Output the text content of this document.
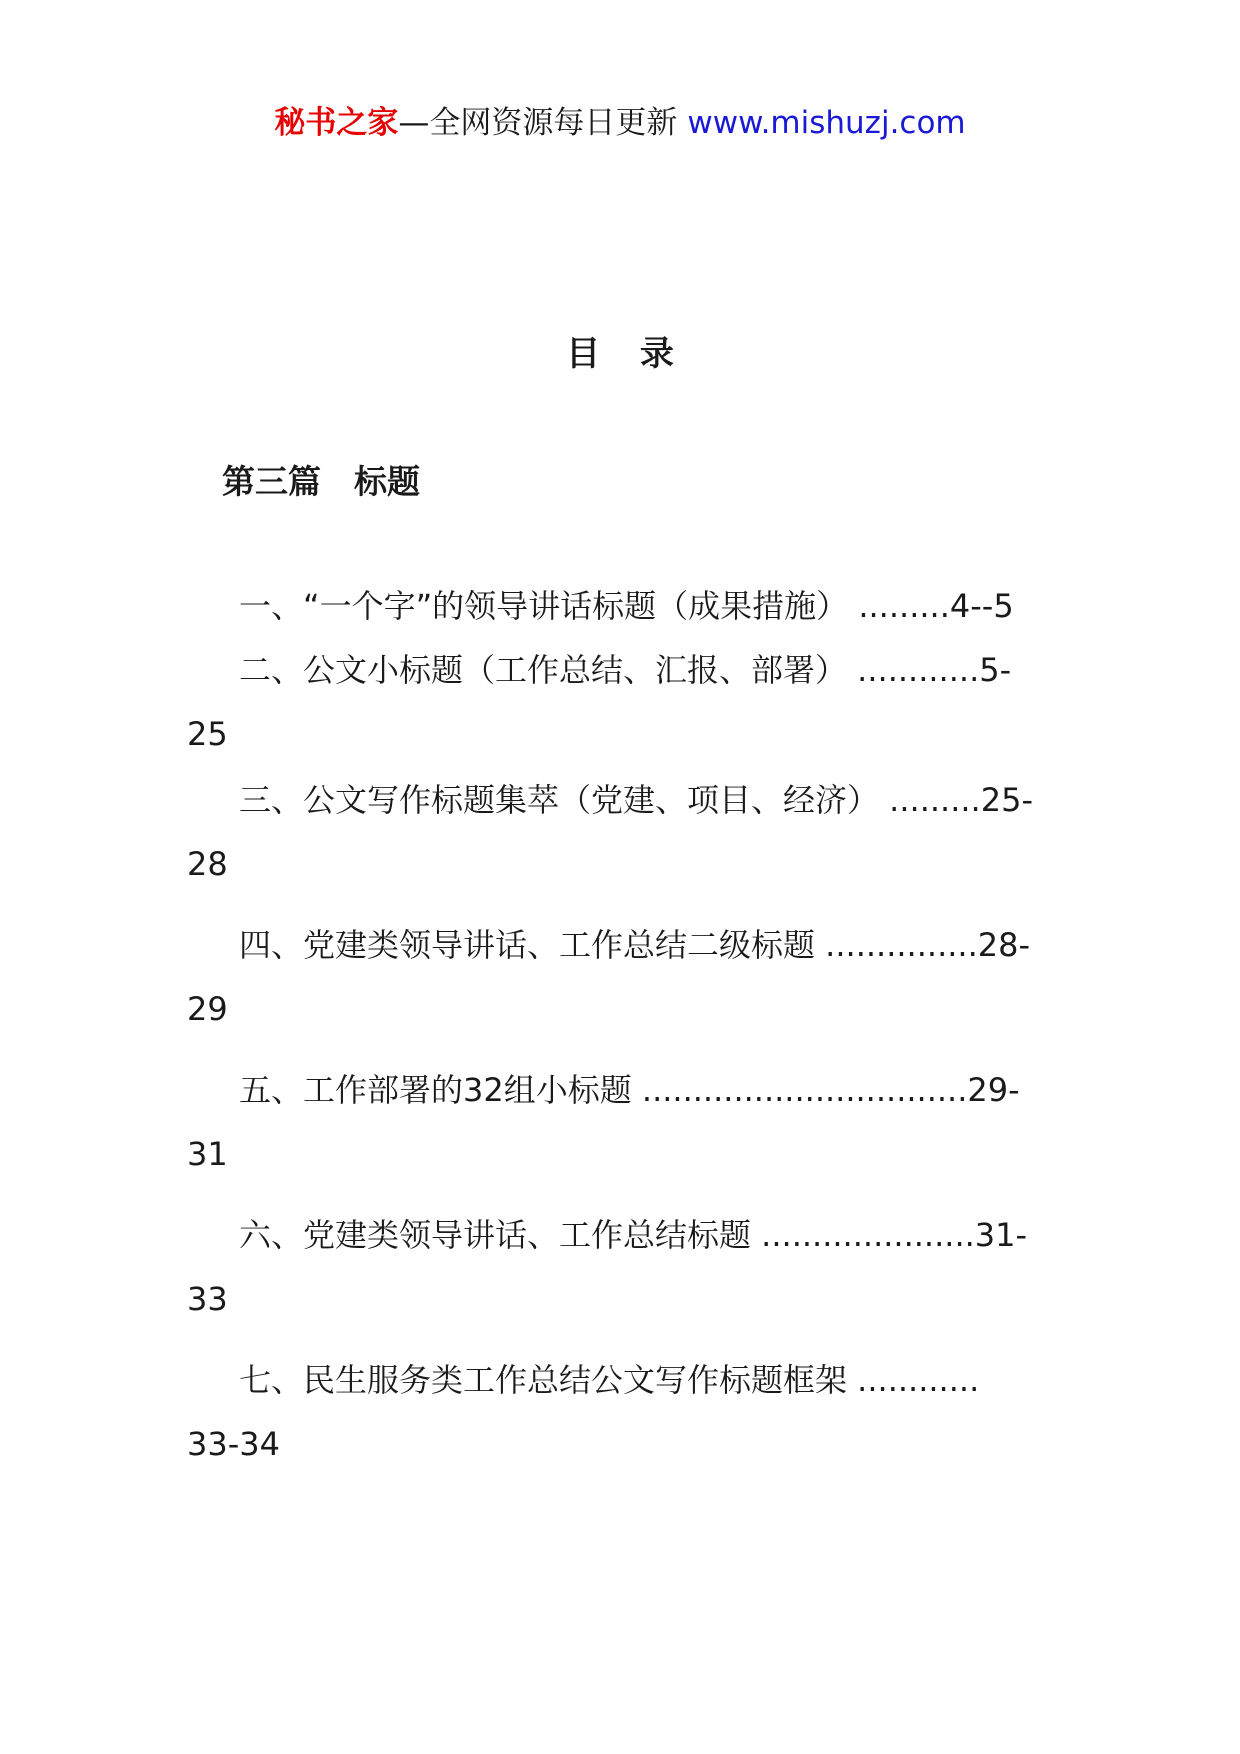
秘书之家—全网资源每日更新 www.mishuzj.com
目 录
第三篇　标题
一、“一个字”的领导讲话标题（成果措施） .........4--5
二、公文小标题（工作总结、汇报、部署） ............5-
25
三、公文写作标题集萃（党建、项目、经济） .........25-
28
四、党建类领导讲话、工作总结二级标题 ...............28-
29
五、工作部署的32组小标题 ................................29-
31
六、党建类领导讲话、工作总结标题 .....................31-
33
七、民生服务类工作总结公文写作标题框架 ............
33-34
